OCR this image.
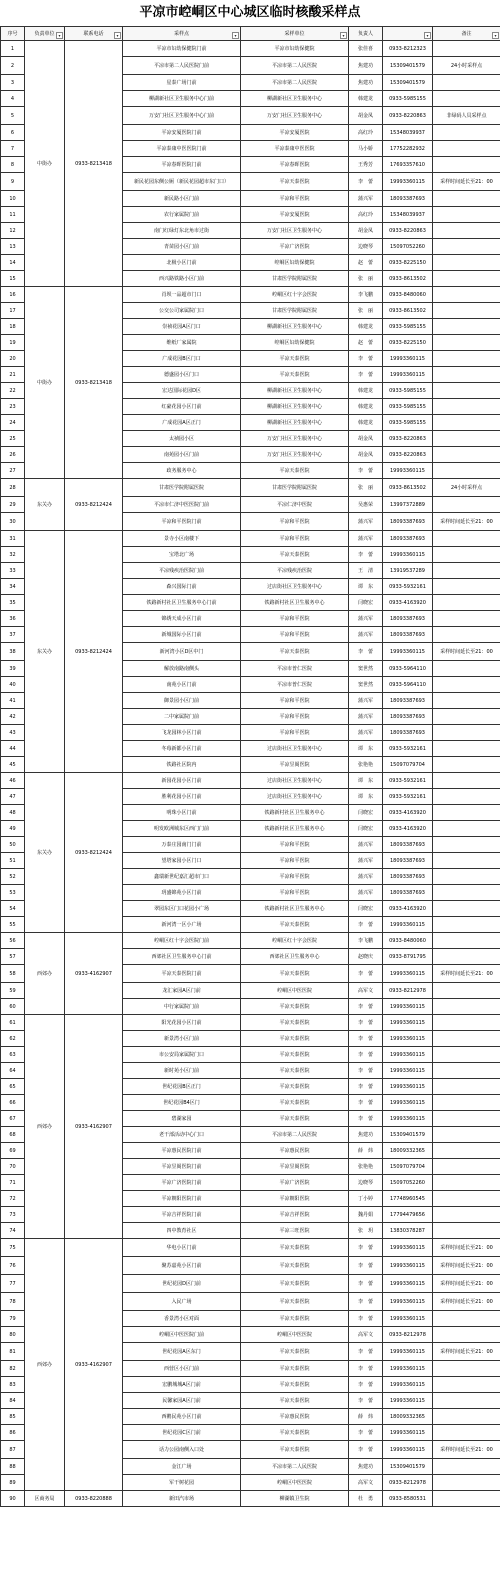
平凉市崆峒区中心城区临时核酸采样点
序号	负责单位 ▾	联系电话 ▾	采样点 ▾	采样单位 ▾	负责人	▾	备注 ▾

1	中街办	0933-8213418	平凉市妇幼保健院门前	平凉市妇幼保健院	张佳喜	0933-8212323	
2			平凉市第二人民医院门前	平凉市第二人民医院	焦建功	15309401579	24小时采样点
3			星泰广场门前	平凉市第二人民医院	焦建功	15309401579	
4			柳湖新社区卫生服务中心门前	柳湖新社区卫生服务中心	韩建龙	0933-5985155	
5			万安门社区卫生服务中心门前	万安门社区卫生服务中心	胡金凤	0933-8220863	非绿码人员采样点
6			平凉安厦医院门前	平凉安厦医院	高红玲	15348039937	
7			平凉泰康中医医院门前	平凉泰康中医医院	马小娇	17752282932	
8			平凉春晖医院门前	平凉春晖医院	王秀芳	17693357610	
9			新民花园东侧公厕（新民花园超市东门口）	平凉天泰医院	李　蕾	19993360115	采样时间延长至21：00
10			新民路小区门前	平凉和平医院	蒲兴军	18093387693	
11			农行家属院门前	平凉安厦医院	高红玲	15348039937	
12			南门红绿灯东北角市过街	万安门社区卫生服务中心	胡金凤	0933-8220863	
13			青苗园小区门前	平凉广济医院	边晓琴	15097052260	
14			北极小区门前	崆峒区妇幼保健院	赵　蕾	0933-8225150	
15			西兴路铁路小区门前	甘肃医学院附属医院	张　丽	0933-8613502	
16	中街办	0933-8213418	肖坝一品超市门口	崆峒区红十字会医院	李飞鹏	0933-8480060	
17			公交公司家属院门口	甘肃医学院附属医院	张　丽	0933-8613502	
18			崇祯花园A区门口	柳湖新社区卫生服务中心	韩建龙	0933-5985155	
19			维纸厂家属院	崆峒区妇幼保健院	赵　蕾	0933-8225150	
20			广成花园B区门口	平凉天泰医院	李　蕾	19993360115	
21			德盛园小区门口	平凉天泰医院	李　蕾	19993360115	
22			宏达国际花园D区	柳湖新社区卫生服务中心	韩建龙	0933-5985155	
23			红豪花园小区门前	柳湖新社区卫生服务中心	韩建龙	0933-5985155	
24			广成花园A区正门	柳湖新社区卫生服务中心	韩建龙	0933-5985155	
25			太祯园小区	万安门社区卫生服务中心	胡金凤	0933-8220863	
26			南苑园小区门前	万安门社区卫生服务中心	胡金凤	0933-8220863	
27			政务服务中心	平凉天泰医院	李　蕾	19993360115	
28	东关办	0933-8212424	甘肃医学院附属医院	甘肃医学院附属医院	张　丽	0933-8613502	24小时采样点
29			平凉市仁济中医医院门前	平凉仁济中医院	吴惠荣	13997372889	
30			平凉和平医院门前	平凉和平医院	蒲兴军	18093387693	采样时间延长至21：00
31	东关办	0933-8212424	景寺小区南楼下	平凉和平医院	蒲兴军	18093387693	
32			宝塔北广场	平凉天泰医院	李　蕾	19993360115	
33			平凉残疾治医院门前	平凉残疾治医院	王　清	13919537289	
34			森兴国际门前	过店街社区卫生服务中心	谭　东	0933-5932161	
35			铁路新村社区卫生服务中心门前	铁路新村社区卫生服务中心	闫晓宏	0933-4163920	
36			锦绣天成小区门前	平凉和平医院	蒲兴军	18093387693	
37			新城国际小区门前	平凉和平医院	蒲兴军	18093387693	
38			新河湾小区D区中门	平凉天泰医院	李　蕾	19993360115	采样时间延长至21：00
39			解放南路南侧头	平凉市普仁医院	窦世然	0933-5964110	
40			南苑小区门前	平凉市普仁医院	窦世然	0933-5964110	
41			御景园小区门前	平凉和平医院	蒲兴军	18093387693	
42			二中家属院门前	平凉和平医院	蒲兴军	18093387693	
43			飞龙园林小区门前	平凉和平医院	蒲兴军	18093387693	
44			冬莓新都小区门前	过店街社区卫生服务中心	谭　东	0933-5932161	
45			铁路社区院内	平凉昱阁医院	张艳艳	15097079704	
46	东关办	0933-8212424	新园花园小区门前	过店街社区卫生服务中心	谭　东	0933-5932161	
47			胜利花园小区门前	过店街社区卫生服务中心	谭　东	0933-5932161	
48			明珠小区门前	铁路新村社区卫生服务中心	闫晓宏	0933-4163920	
49			明发欧洲城东区西门门前	铁路新村社区卫生服务中心	闫晓宏	0933-4163920	
50			万泰庄园南门门前	平凉和平医院	蒲兴军	18093387693	
51			望塔家园小区门口	平凉和平医院	蒲兴军	18093387693	
52			鑫瑞新世纪嘉汇超市门口	平凉和平医院	蒲兴军	18093387693	
53			玥盛锦苑小区门前	平凉和平医院	蒲兴军	18093387693	
54			翠园东区门口花园小广场	铁路新村社区卫生服务中心	闫晓宏	0933-4163920	
55			新河湾一区小广场	平凉天泰医院	李　蕾	19993360115	
56	西郊办	0933-4162907	崆峒区红十字会医院门前	崆峒区红十字会医院	李飞鹏	0933-8480060	
57			西郊社区卫生服务中心门前	西郊社区卫生服务中心	赵晓庆	0933-8791795	
58			平凉天泰医院门前	平凉天泰医院	李　蕾	19993360115	采样时间延长至21：00
59			龙汇家园A区门前	崆峒区中医医院	高军文	0933-8212978	
60			中行家属院门前	平凉天泰医院	李　蕾	19993360115	
61	西郊办	0933-4162907	阳光花园小区门前	平凉天泰医院	李　蕾	19993360115	
62			新景湾小区门前	平凉天泰医院	李　蕾	19993360115	
63			市公安局家属院门口	平凉天泰医院	李　蕾	19993360115	
64			新时苑小区门前	平凉天泰医院	李　蕾	19993360115	
65			世纪花园B区正门	平凉天泰医院	李　蕾	19993360115	
66			世纪花园B4区门	平凉天泰医院	李　蕾	19993360115	
67			碧湖家园	平凉天泰医院	李　蕾	19993360115	
68			老干部活动中心门口	平凉市第二人民医院	焦建功	15309401579	
69			平凉惠民医院门前	平凉惠民医院	薛　炜	18009332365	
70			平凉昱阁医院门前	平凉昱阁医院	张艳艳	15097079704	
71			平凉广济医院门前	平凉广济医院	边晓琴	15097052260	
72			平凉朝阳医院门前	平凉朝阳医院	丁小婷	17748960545	
73			平凉吉祥医院门前	平凉吉祥医院	魏丹娟	17794479656	
74			四中教育社区	平凉三旺医院	张　玥	13830378287	
75	西郊办	0933-4162907	华电小区门前	平凉天泰医院	李　蕾	19993360115	采样时间延长至21：00
76			聚苏嘉苑小区门前	平凉天泰医院	李　蕾	19993360115	采样时间延长至21：00
77			世纪花园D区门前	平凉天泰医院	李　蕾	19993360115	采样时间延长至21：00
78			入民广场	平凉天泰医院	李　蕾	19993360115	采样时间延长至21：00
79			香景湾小区对面	平凉天泰医院	李　蕾	19993360115	
80			崆峒区中医医院门前	崆峒区中医医院	高军文	0933-8212978	
81			世纪花园A区东门	平凉天泰医院	李　蕾	19993360115	采样时间延长至21：00
82			西营区小区门前	平凉天泰医院	李　蕾	19993360115	
83			宏鹏城城A区门前	平凉天泰医院	李　蕾	19993360115	
84			民馨家园A区门前	平凉天泰医院	李　蕾	19993360115	
85			西鹅民苑小区门前	平凉惠民医院	薛　炜	18009332365	
86			世纪花园C区门前	平凉天泰医院	李　蕾	19993360115	
87			话力公园南侧入口处	平凉天泰医院	李　蕾	19993360115	采样时间延长至21：00
88			金江广场	平凉市第二人民医院	焦建功	15309401579	
89			军干树花园	崆峒区中医医院	高军文	0933-8212978	
90	区商务局	0933-8220888	新田汽市场	柳湖镇卫生院	杜　勇	0933-8580531	
